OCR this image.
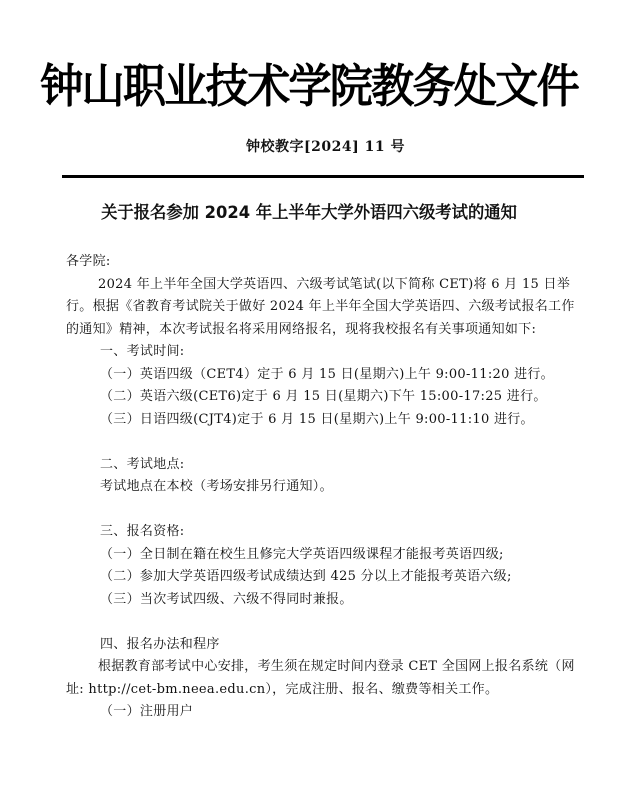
钟山职业技术学院教务处文件
钟校教字[2024] 11 号
关于报名参加 2024 年上半年大学外语四六级考试的通知

各学院:

2024 年上半年全国大学英语四、六级考试笔试(以下简称 CET)将 6 月 15 日举行。根据《省教育考试院关于做好 2024 年上半年全国大学英语四、六级考试报名工作的通知》精神，本次考试报名将采用网络报名，现将我校报名有关事项通知如下:

一、考试时间:

（一）英语四级（CET4）定于 6 月 15 日(星期六)上午 9:00-11:20 进行。

（二）英语六级(CET6)定于 6 月 15 日(星期六)下午 15:00-17:25 进行。

（三）日语四级(CJT4)定于 6 月 15 日(星期六)上午 9:00-11:10 进行。

二、考试地点:

考试地点在本校（考场安排另行通知）。

三、报名资格:

（一）全日制在籍在校生且修完大学英语四级课程才能报考英语四级;

（二）参加大学英语四级考试成绩达到 425 分以上才能报考英语六级;

（三）当次考试四级、六级不得同时兼报。

四、报名办法和程序

根据教育部考试中心安排，考生须在规定时间内登录 CET 全国网上报名系统（网址: http://cet-bm.neea.edu.cn），完成注册、报名、缴费等相关工作。

（一）注册用户
